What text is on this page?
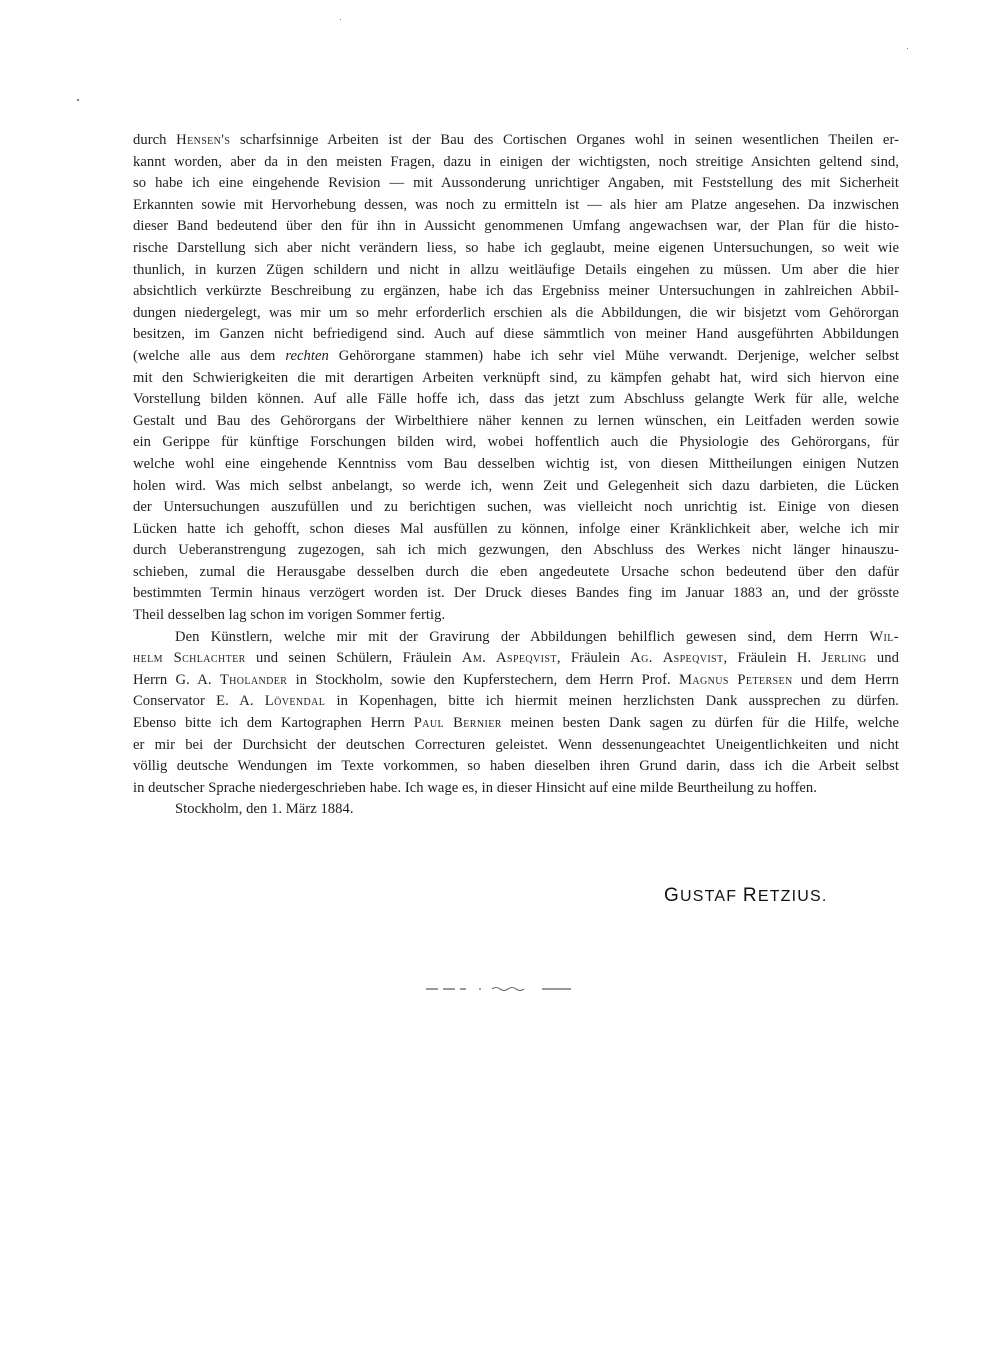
durch Hensen's scharfsinnige Arbeiten ist der Bau des Cortischen Organes wohl in seinen wesentlichen Theilen er-
kannt worden, aber da in den meisten Fragen, dazu in einigen der wichtigsten, noch streitige Ansichten geltend sind,
so habe ich eine eingehende Revision — mit Aussonderung unrichtiger Angaben, mit Feststellung des mit Sicherheit
Erkannten sowie mit Hervorhebung dessen, was noch zu ermitteln ist — als hier am Platze angesehen. Da inzwischen
dieser Band bedeutend über den für ihn in Aussicht genommenen Umfang angewachsen war, der Plan für die histo-
rische Darstellung sich aber nicht verändern liess, so habe ich geglaubt, meine eigenen Untersuchungen, so weit wie
thunlich, in kurzen Zügen schildern und nicht in allzu weitläufige Details eingehen zu müssen. Um aber die hier
absichtlich verkürzte Beschreibung zu ergänzen, habe ich das Ergebniss meiner Untersuchungen in zahlreichen Abbil-
dungen niedergelegt, was mir um so mehr erforderlich erschien als die Abbildungen, die wir bisjetzt vom Gehörorgan
besitzen, im Ganzen nicht befriedigend sind. Auch auf diese sämmtlich von meiner Hand ausgeführten Abbildungen
(welche alle aus dem rechten Gehörorgane stammen) habe ich sehr viel Mühe verwandt. Derjenige, welcher selbst
mit den Schwierigkeiten die mit derartigen Arbeiten verknüpft sind, zu kämpfen gehabt hat, wird sich hiervon eine
Vorstellung bilden können. Auf alle Fälle hoffe ich, dass das jetzt zum Abschluss gelangte Werk für alle, welche
Gestalt und Bau des Gehörorgans der Wirbelthiere näher kennen zu lernen wünschen, ein Leitfaden werden sowie
ein Gerippe für künftige Forschungen bilden wird, wobei hoffentlich auch die Physiologie des Gehörorgans, für
welche wohl eine eingehende Kenntniss vom Bau desselben wichtig ist, von diesen Mittheilungen einigen Nutzen
holen wird. Was mich selbst anbelangt, so werde ich, wenn Zeit und Gelegenheit sich dazu darbieten, die Lücken
der Untersuchungen auszufüllen und zu berichtigen suchen, was vielleicht noch unrichtig ist. Einige von diesen
Lücken hatte ich gehofft, schon dieses Mal ausfüllen zu können, infolge einer Kränklichkeit aber, welche ich mir
durch Ueberanstrengung zugezogen, sah ich mich gezwungen, den Abschluss des Werkes nicht länger hinauszu-
schieben, zumal die Herausgabe desselben durch die eben angedeutete Ursache schon bedeutend über den dafür
bestimmten Termin hinaus verzögert worden ist. Der Druck dieses Bandes fing im Januar 1883 an, und der grösste
Theil desselben lag schon im vorigen Sommer fertig.
Den Künstlern, welche mir mit der Gravirung der Abbildungen behilflich gewesen sind, dem Herrn Wil-
helm Schlachter und seinen Schülern, Fräulein Am. Aspeqvist, Fräulein Ag. Aspeqvist, Fräulein H. Jerling und
Herrn G. A. Tholander in Stockholm, sowie den Kupferstechern, dem Herrn Prof. Magnus Petersen und dem Herrn
Conservator E. A. Lövendal in Kopenhagen, bitte ich hiermit meinen herzlichsten Dank aussprechen zu dürfen.
Ebenso bitte ich dem Kartographen Herrn Paul Bernier meinen besten Dank sagen zu dürfen für die Hilfe, welche
er mir bei der Durchsicht der deutschen Correcturen geleistet. Wenn dessenungeachtet Uneigentlichkeiten und nicht
völlig deutsche Wendungen im Texte vorkommen, so haben dieselben ihren Grund darin, dass ich die Arbeit selbst
in deutscher Sprache niedergeschrieben habe. Ich wage es, in dieser Hinsicht auf eine milde Beurtheilung zu hoffen.
Stockholm, den 1. März 1884.
GUSTAF RETZIUS.
